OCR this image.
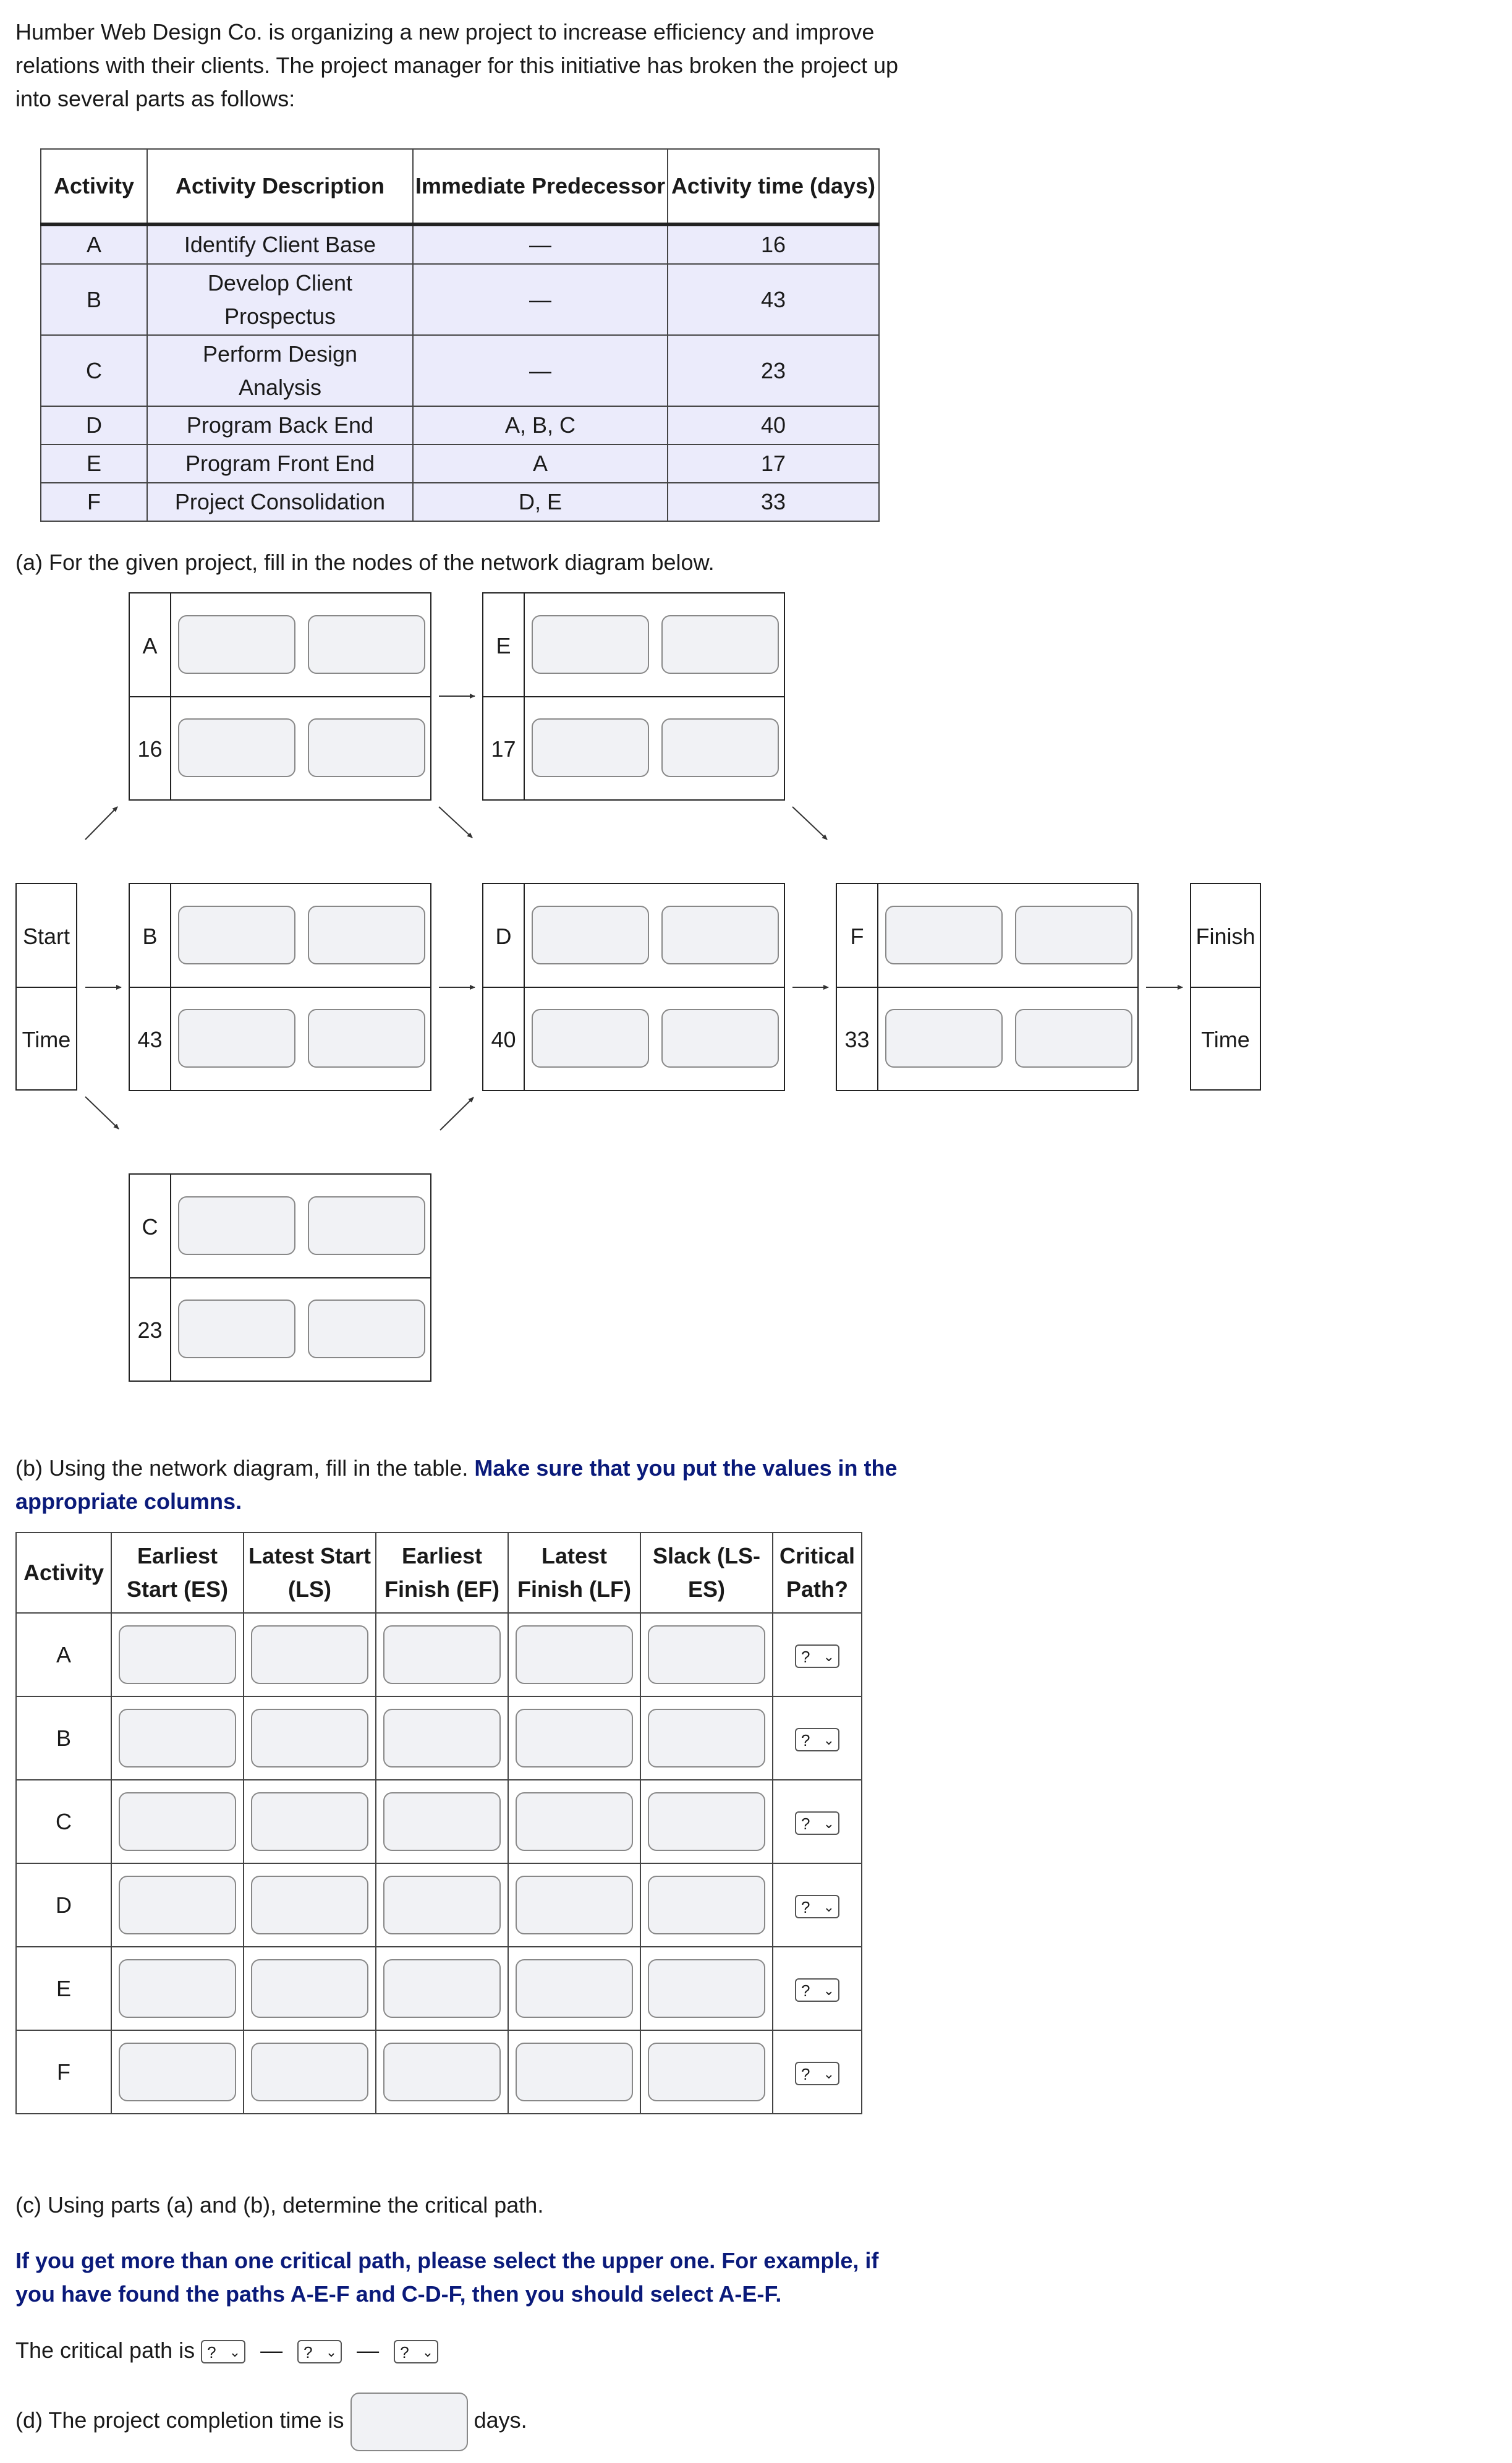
Humber Web Design Co. is organizing a new project to increase efficiency and improve relations with their clients. The project manager for this initiative has broken the project up into several parts as follows:
Activity	Activity Description	Immediate Predecessor	Activity time (days)
A	Identify Client Base	—	16
B	Develop Client Prospectus	—	43
C	Perform Design Analysis	—	23
D	Program Back End	A, B, C	40
E	Program Front End	A	17
F	Project Consolidation	D, E	33
(a) For the given project, fill in the nodes of the network diagram below.
Start
Time
Finish
Time
A
16
E
17
B
43
D
40
F
33
C
23
(b) Using the network diagram, fill in the table. Make sure that you put the values in the appropriate columns.
Activity	Earliest Start (ES)	Latest Start (LS)	Earliest Finish (EF)	Latest Finish (LF)	Slack (LS-ES)	Critical Path?
A						? ⌄

B						? ⌄

C						? ⌄

D						? ⌄

E						? ⌄

F						? ⌄
(c) Using parts (a) and (b), determine the critical path.
If you get more than one critical path, please select the upper one. For example, if you have found the paths A-E-F and C-D-F, then you should select A-E-F.
The critical path is ? ⌄ — ? ⌄ — ? ⌄
(d) The project completion time is	days.
